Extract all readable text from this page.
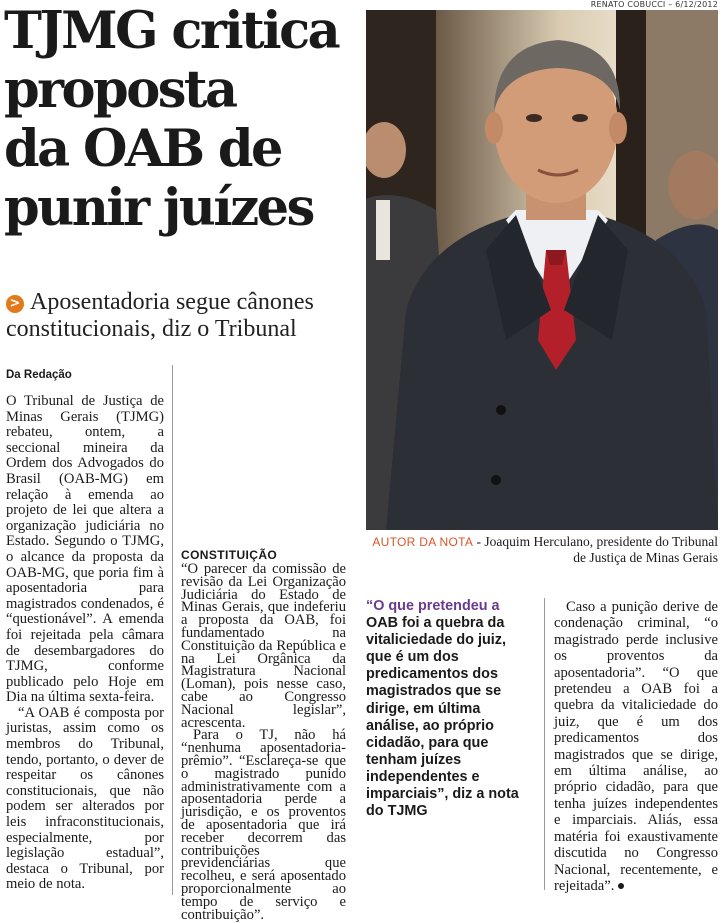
TJMG critica
proposta
da OAB de
punir juízes
> Aposentadoria segue cânones constitucionais, diz o Tribunal
RENATO COBUCCI – 6/12/2012
AUTOR DA NOTA - Joaquim Herculano, presidente do Tribunal de Justiça de Minas Gerais
Da Redação

O Tribunal de Justiça de Minas Gerais (TJMG) rebateu, ontem, a seccional mineira da Ordem dos Advogados do Brasil (OAB-MG) em relação à emenda ao projeto de lei que altera a organização judiciária no Estado. Segundo o TJMG, o alcance da proposta da OAB-MG, que poria fim à aposentadoria para magistrados condenados, é “questionável”. A emenda foi rejeitada pela câmara de desembargadores do TJMG, conforme publicado pelo Hoje em Dia na última sexta-feira.

“A OAB é composta por juristas, assim como os membros do Tribunal, tendo, portanto, o dever de respeitar os cânones constitucionais, que não podem ser alterados por leis infraconstitucionais, especialmente, por legislação estadual”, destaca o Tribunal, por meio de nota.

CONSTITUIÇÃO

“O parecer da comissão de revisão da Lei Organização Judiciária do Estado de Minas Gerais, que indeferiu a proposta da OAB, foi fundamentado na Constituição da República e na Lei Orgânica da Magistratura Nacional (Loman), pois nesse caso, cabe ao Congresso Nacional legislar”, acrescenta.

Para o TJ, não há “nenhuma aposentadoria-prêmio”. “Esclareça-se que o magistrado punido administrativamente com a aposentadoria perde a jurisdição, e os proventos de aposentadoria que irá receber decorrem das contribuições previdenciárias que recolheu, e será aposentado proporcionalmente ao tempo de serviço e contribuição”.

“O que pretendeu a OAB foi a quebra da vitaliciedade do juiz, que é um dos predicamentos dos magistrados que se dirige, em última análise, ao próprio cidadão, para que tenham juízes independentes e imparciais”, diz a nota do TJMG

Caso a punição derive de condenação criminal, “o magistrado perde inclusive os proventos da aposentadoria”. “O que pretendeu a OAB foi a quebra da vitaliciedade do juiz, que é um dos predicamentos dos magistrados que se dirige, em última análise, ao próprio cidadão, para que tenha juízes independentes e imparciais. Aliás, essa matéria foi exaustivamente discutida no Congresso Nacional, recentemente, e rejeitada”.
